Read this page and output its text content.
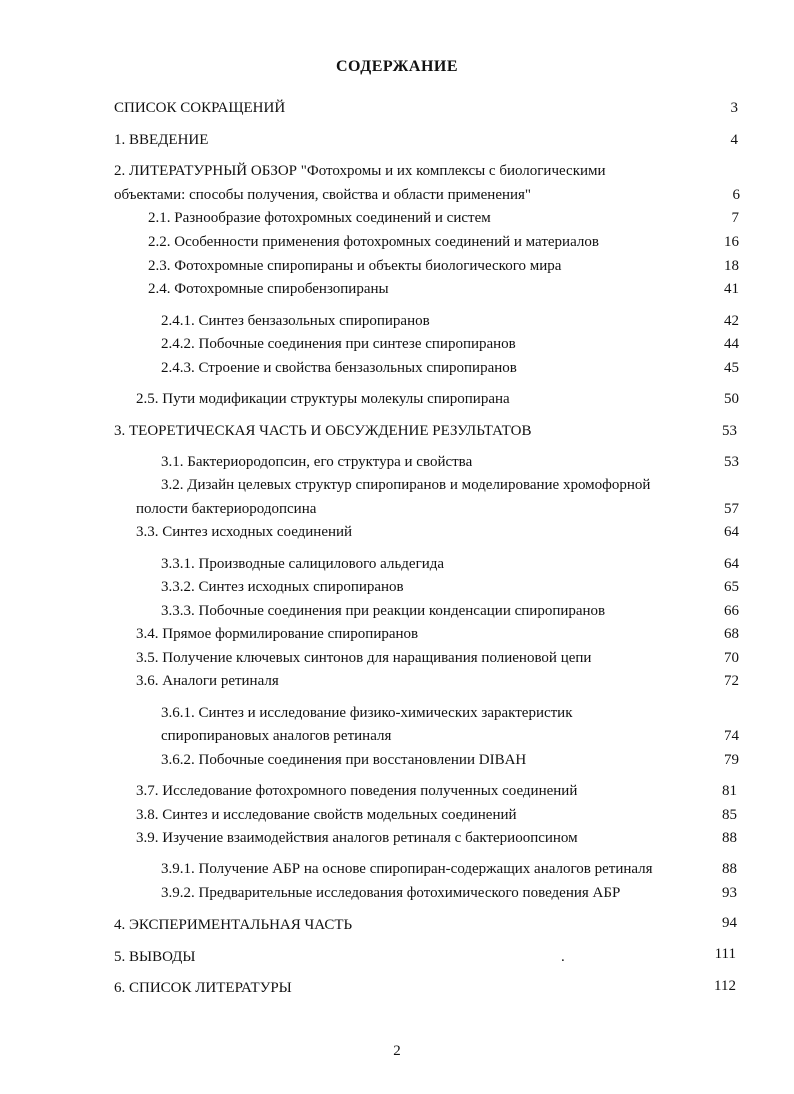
СОДЕРЖАНИЕ
СПИСОК СОКРАЩЕНИЙ	3
1. ВВЕДЕНИЕ	4
2. ЛИТЕРАТУРНЫЙ ОБЗОР "Фотохромы и их комплексы с биологическими
объектами: способы получения, свойства и области применения"	6
2.1. Разнообразие фотохромных соединений и систем	7
2.2. Особенности применения фотохромных соединений и материалов	16
2.3. Фотохромные спиропираны и объекты биологического мира	18
2.4. Фотохромные спиробензопираны	41
2.4.1. Синтез бензазольных спиропиранов	42
2.4.2. Побочные соединения при синтезе спиропиранов	44
2.4.3. Строение и свойства бензазольных спиропиранов	45
2.5. Пути модификации структуры молекулы спиропирана	50
3. ТЕОРЕТИЧЕСКАЯ ЧАСТЬ И ОБСУЖДЕНИЕ РЕЗУЛЬТАТОВ	53
3.1. Бактериородопсин, его структура и свойства	53
3.2. Дизайн целевых структур спиропиранов и моделирование хромофорной
полости бактериородопсина	57
3.3. Синтез исходных соединений	64
3.3.1. Производные салицилового альдегида	64
3.3.2. Синтез исходных спиропиранов	65
3.3.3. Побочные соединения при реакции конденсации спиропиранов	66
3.4. Прямое формилирование спиропиранов	68
3.5. Получение ключевых синтонов для наращивания полиеновой цепи	70
3.6. Аналоги ретиналя	72
3.6.1. Синтез и исследование физико-химических зарактеристик
спиропирановых аналогов ретиналя	74
3.6.2. Побочные соединения при восстановлении DIBAH	79
3.7. Исследование фотохромного поведения полученных соединений	81
3.8. Синтез и исследование свойств модельных соединений	85
3.9. Изучение взаимодействия аналогов ретиналя с бактериоопсином	88
3.9.1. Получение АБР на основе спиропиран-содержащих аналогов ретиналя	88
3.9.2. Предварительные исследования фотохимического поведения АБР	93
4. ЭКСПЕРИМЕНТАЛЬНАЯ ЧАСТЬ	94
5. ВЫВОДЫ	.	111
6. СПИСОК ЛИТЕРАТУРЫ	112
2
